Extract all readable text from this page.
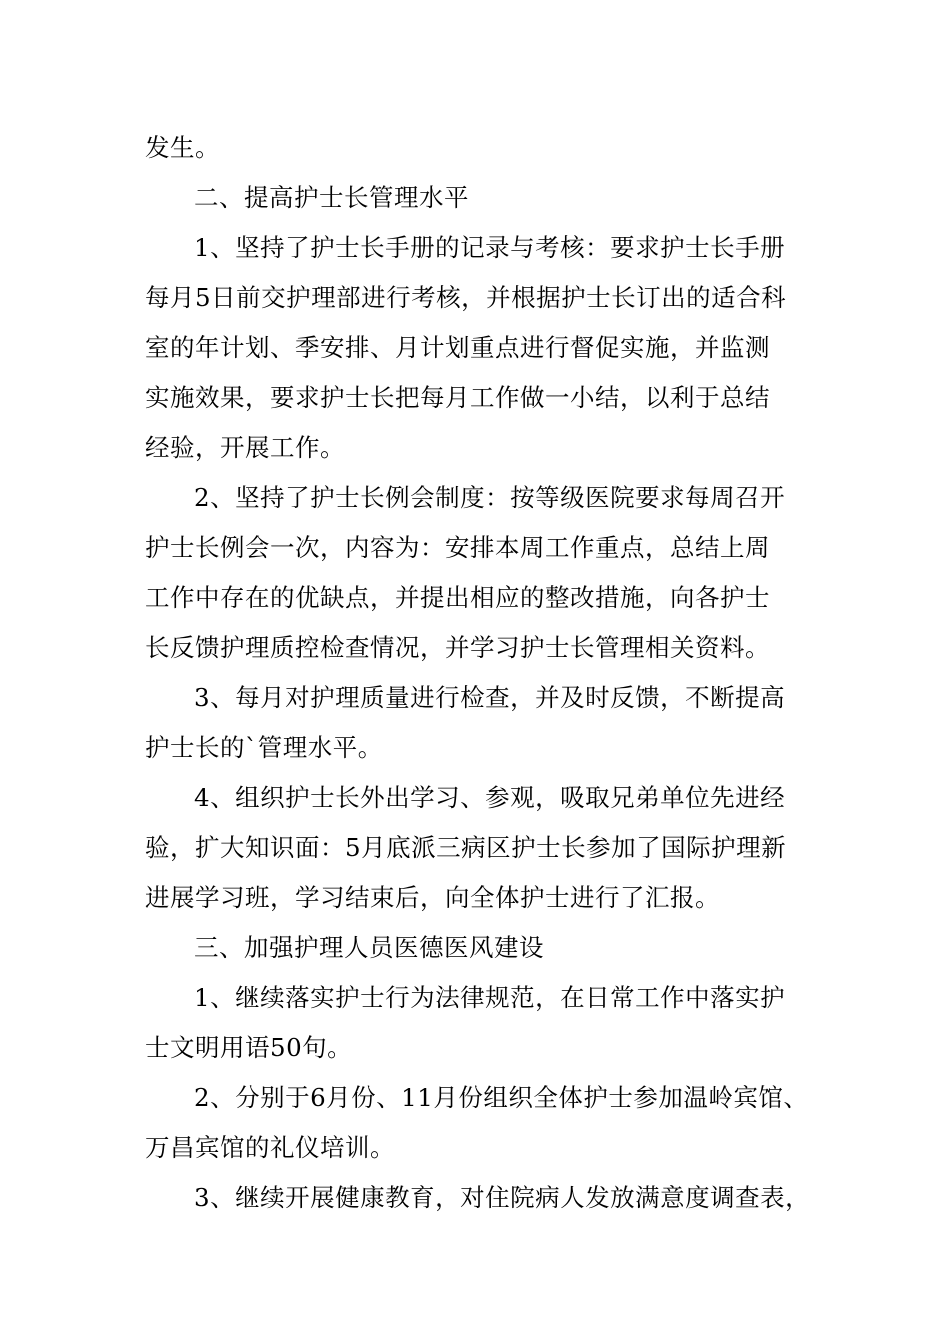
发生。
二、提高护士长管理水平
1、坚持了护士长手册的记录与考核：要求护士长手册
每月5日前交护理部进行考核，并根据护士长订出的适合科
室的年计划、季安排、月计划重点进行督促实施，并监测
实施效果，要求护士长把每月工作做一小结，以利于总结
经验，开展工作。
2、坚持了护士长例会制度：按等级医院要求每周召开
护士长例会一次，内容为：安排本周工作重点，总结上周
工作中存在的优缺点，并提出相应的整改措施，向各护士
长反馈护理质控检查情况，并学习护士长管理相关资料。
3、每月对护理质量进行检查，并及时反馈，不断提高
护士长的`管理水平。
4、组织护士长外出学习、参观，吸取兄弟单位先进经
验，扩大知识面：5月底派三病区护士长参加了国际护理新
进展学习班，学习结束后，向全体护士进行了汇报。
三、加强护理人员医德医风建设
1、继续落实护士行为法律规范，在日常工作中落实护
士文明用语50句。
2、分别于6月份、11月份组织全体护士参加温岭宾馆、
万昌宾馆的礼仪培训。
3、继续开展健康教育，对住院病人发放满意度调查表，
